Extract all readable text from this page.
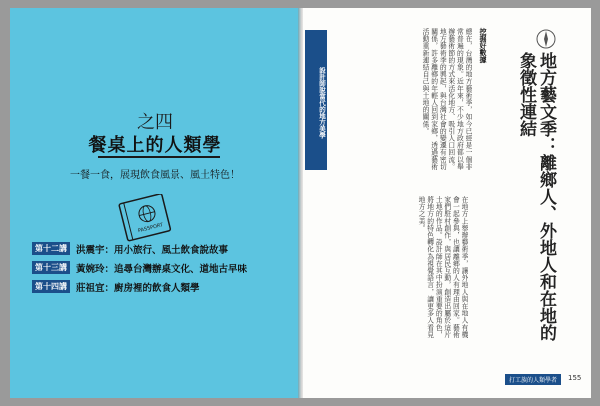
之四
餐桌上的人類學
一餐一食，展現飲食風景、風土特色！
PASSPORT
第十二講 洪震宇：用小旅行、風土飲食說故事
第十三講 黃婉玲：追尋台灣辦桌文化、道地古早味
第十四講 莊祖宜：廚房裡的飲食人類學	地方藝文季：離鄉人、外地人和在地的象徵性連結
挖掘好數據
總在，台灣的地方藝術季，如今已經是一個非常普遍的現象。近年來，不少地方政府都以舉辦藝術節的方式來活化地方、吸引人口回流。地方藝術季的興起，與台灣社會的變遷有密切關係，許多離鄉的年輕人回到家鄉，透過藝術活動重新連結自己與土地的關係。
在地方上舉辦藝術季，讓外地人與在地人有機會一起參與，也讓離鄉的人有理由回家。藝術家們駐村創作，與居民互動，創造出屬於這片土地的作品。設計師在其中扮演重要的角色，將地方的特色轉化為視覺語言，讓更多人看見地方之美。
設計師說當代的地方美學
打工族的人類學者	155
